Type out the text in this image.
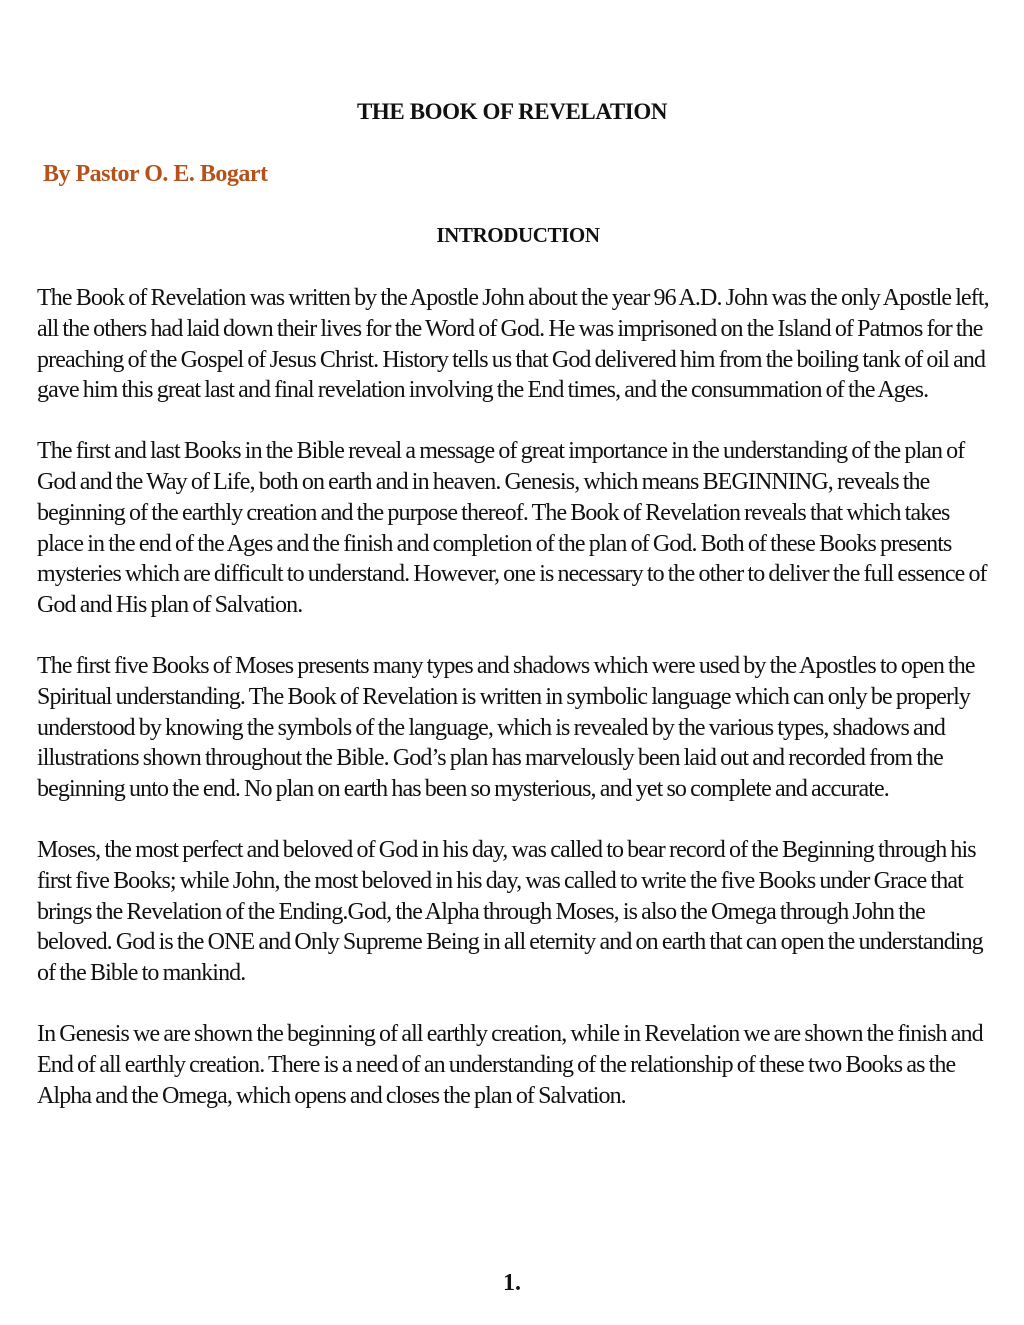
THE BOOK OF REVELATION

By Pastor O. E. Bogart

INTRODUCTION

The Book of Revelation was written by the Apostle John about the year 96 A.D. John was the only Apostle left, all the others had laid down their lives for the Word of God. He was imprisoned on the Island of Patmos for the preaching of the Gospel of Jesus Christ. History tells us that God delivered him from the boiling tank of oil and gave him this great last and final revelation involving the End times, and the consummation of the Ages.

The first and last Books in the Bible reveal a message of great importance in the understanding of the plan of God and the Way of Life, both on earth and in heaven. Genesis, which means BEGINNING, reveals the beginning of the earthly creation and the purpose thereof. The Book of Revelation reveals that which takes place in the end of the Ages and the finish and completion of the plan of God. Both of these Books presents mysteries which are difficult to understand. However, one is necessary to the other to deliver the full essence of God and His plan of Salvation.

The first five Books of Moses presents many types and shadows which were used by the Apostles to open the Spiritual understanding. The Book of Revelation is written in symbolic language which can only be properly understood by knowing the symbols of the language, which is revealed by the various types, shadows and illustrations shown throughout the Bible. God’s plan has marvelously been laid out and recorded from the beginning unto the end. No plan on earth has been so mysterious, and yet so complete and accurate.

Moses, the most perfect and beloved of God in his day, was called to bear record of the Beginning through his first five Books; while John, the most beloved in his day, was called to write the five Books under Grace that brings the Revelation of the Ending.God, the Alpha through Moses, is also the Omega through John the beloved. God is the ONE and Only Supreme Being in all eternity and on earth that can open the understanding of the Bible to mankind.

In Genesis we are shown the beginning of all earthly creation, while in Revelation we are shown the finish and End of all earthly creation. There is a need of an understanding of the relationship of these two Books as the Alpha and the Omega, which opens and closes the plan of Salvation.

1.
